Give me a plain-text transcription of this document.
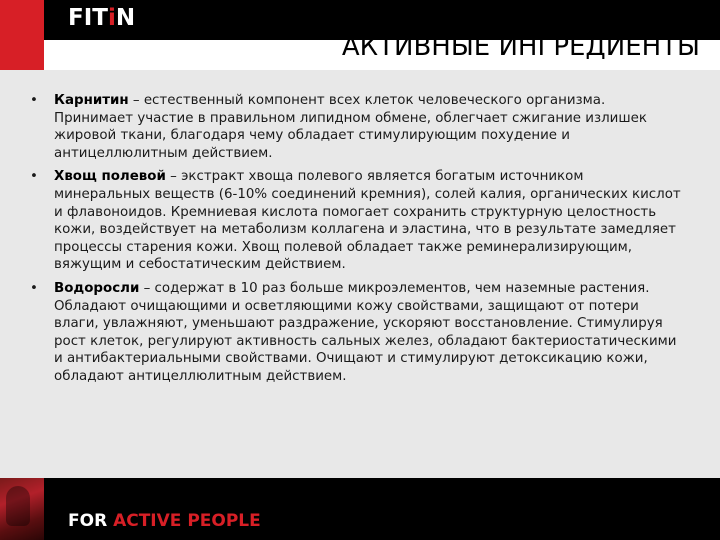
FIT i N
АКТИВНЫЕ ИНГРЕДИЕНТЫ
• Карнитин – естественный компонент всех клеток человеческого организма. Принимает участие в правильном липидном обмене, облегчает сжигание излишек жировой ткани, благодаря чему обладает стимулирующим похудение и антицеллюлитным действием.
• Хвощ полевой – экстракт хвоща полевого является богатым источником минеральных веществ (6-10% соединений кремния), солей калия, органических кислот и флавоноидов. Кремниевая кислота помогает сохранить структурную целостность кожи, воздействует на метаболизм коллагена и эластина, что в результате замедляет процессы старения кожи. Хвощ полевой обладает также реминерализирующим, вяжущим и себостатическим действием.
• Водоросли – содержат в 10 раз больше микроэлементов, чем наземные растения. Обладают очищающими и осветляющими кожу свойствами, защищают от потери влаги, увлажняют, уменьшают раздражение, ускоряют восстановление. Стимулируя рост клеток, регулируют активность сальных желез, обладают бактериостатическими и антибактериальными свойствами. Очищают и стимулируют детоксикацию кожи, обладают антицеллюлитным действием.
FOR ACTIVE PEOPLE
